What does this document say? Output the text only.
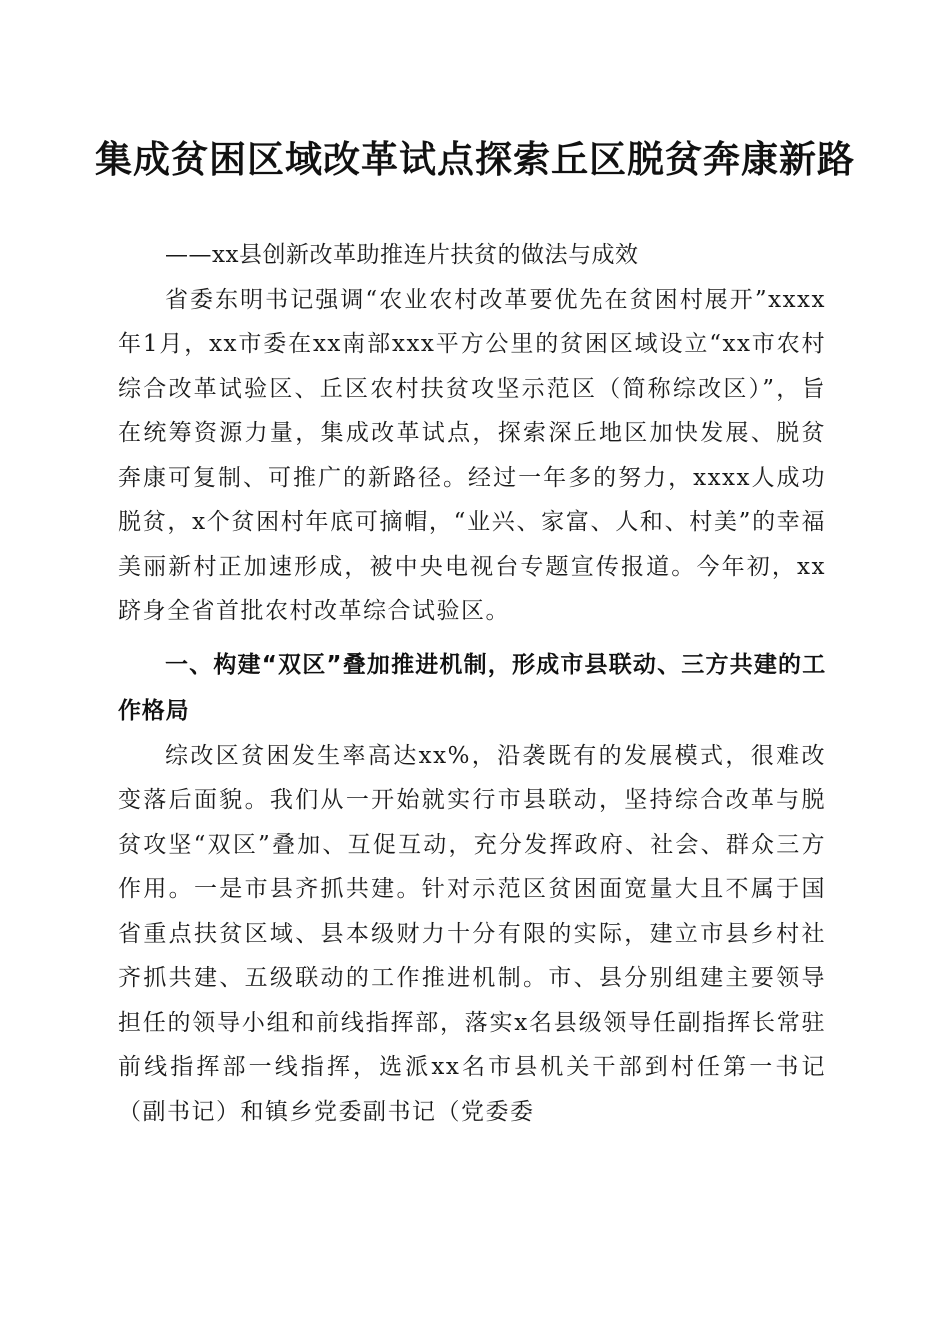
集成贫困区域改革试点探索丘区脱贫奔康新路

——xx县创新改革助推连片扶贫的做法与成效

省委东明书记强调“农业农村改革要优先在贫困村展开”xxxx年1月，xx市委在xx南部xxx平方公里的贫困区域设立“xx市农村综合改革试验区、丘区农村扶贫攻坚示范区（简称综改区）”，旨在统筹资源力量，集成改革试点，探索深丘地区加快发展、脱贫奔康可复制、可推广的新路径。经过一年多的努力，xxxx人成功脱贫，x个贫困村年底可摘帽，“业兴、家富、人和、村美”的幸福美丽新村正加速形成，被中央电视台专题宣传报道。今年初，xx跻身全省首批农村改革综合试验区。

一、构建“双区”叠加推进机制，形成市县联动、三方共建的工作格局

综改区贫困发生率高达xx%，沿袭既有的发展模式，很难改变落后面貌。我们从一开始就实行市县联动，坚持综合改革与脱贫攻坚“双区”叠加、互促互动，充分发挥政府、社会、群众三方作用。一是市县齐抓共建。针对示范区贫困面宽量大且不属于国省重点扶贫区域、县本级财力十分有限的实际，建立市县乡村社齐抓共建、五级联动的工作推进机制。市、县分别组建主要领导担任的领导小组和前线指挥部，落实x名县级领导任副指挥长常驻前线指挥部一线指挥，选派xx名市县机关干部到村任第一书记（副书记）和镇乡党委副书记（党委委
